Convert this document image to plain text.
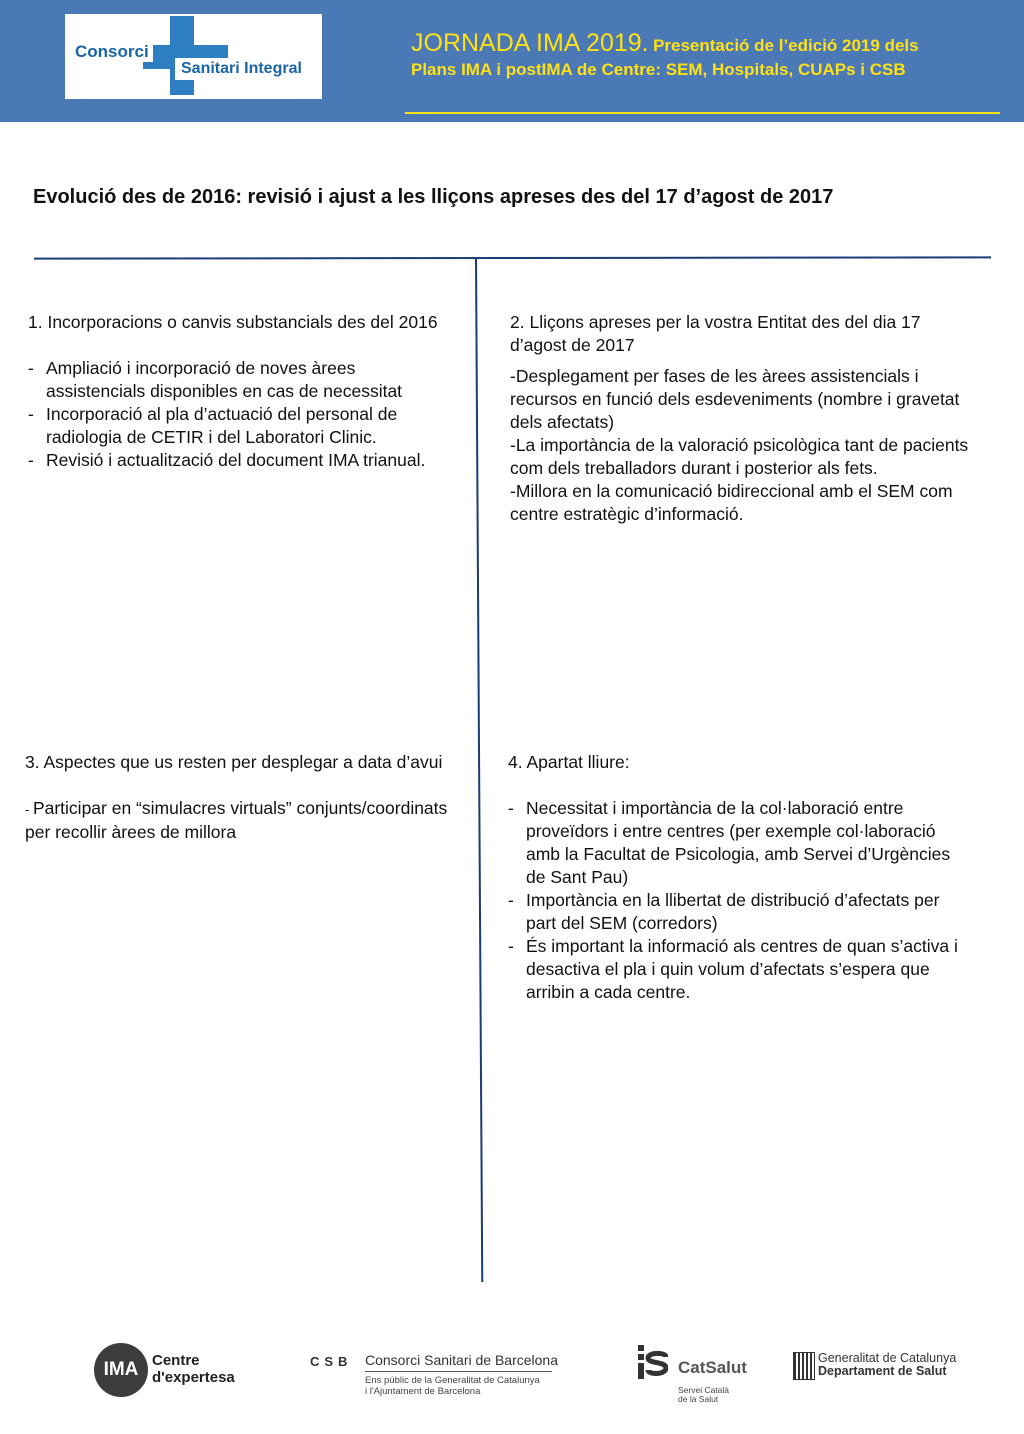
Consorci
Sanitari Integral
JORNADA IMA 2019. Presentació de l’edició 2019 dels
Plans IMA i postIMA de Centre: SEM, Hospitals, CUAPs i CSB
Evolució des de 2016: revisió i ajust a les lliçons apreses des del 17 d’agost de 2017

1. Incorporacions o canvis substancials des del 2016

- Ampliació i incorporació de noves àrees assistencials disponibles en cas de necessitat
- Incorporació al pla d’actuació del personal de radiologia de CETIR i del Laboratori Clinic.
- Revisió i actualització del document IMA trianual.

2. Lliçons apreses per la vostra Entitat des del dia 17 d’agost de 2017

-Desplegament per fases de les àrees assistencials i recursos en funció dels esdeveniments (nombre i gravetat dels afectats)

-La importància de la valoració psicològica tant de pacients com dels treballadors durant i posterior als fets.

-Millora en la comunicació bidireccional amb el SEM com centre estratègic d’informació.

3. Aspectes que us resten per desplegar a data d’avui

- Participar en “simulacres virtuals” conjunts/coordinats per recollir àrees de millora

4. Apartat lliure:

- Necessitat i importància de la col·laboració entre proveïdors i entre centres (per exemple col·laboració amb la Facultat de Psicologia, amb Servei d’Urgències de Sant Pau)
- Importància en la llibertat de distribució d’afectats per part del SEM (corredors)
- És important la informació als centres de quan s’activa i desactiva el pla i quin volum d’afectats s’espera que arribin a cada centre.
IMA Centre
d'expertesa
CSB Consorci Sanitari de Barcelona
Ens públic de la Generalitat de Catalunya
i l'Ajuntament de Barcelona
CatSalut
Servei Català
de la Salut
Generalitat de Catalunya
Departament de Salut
